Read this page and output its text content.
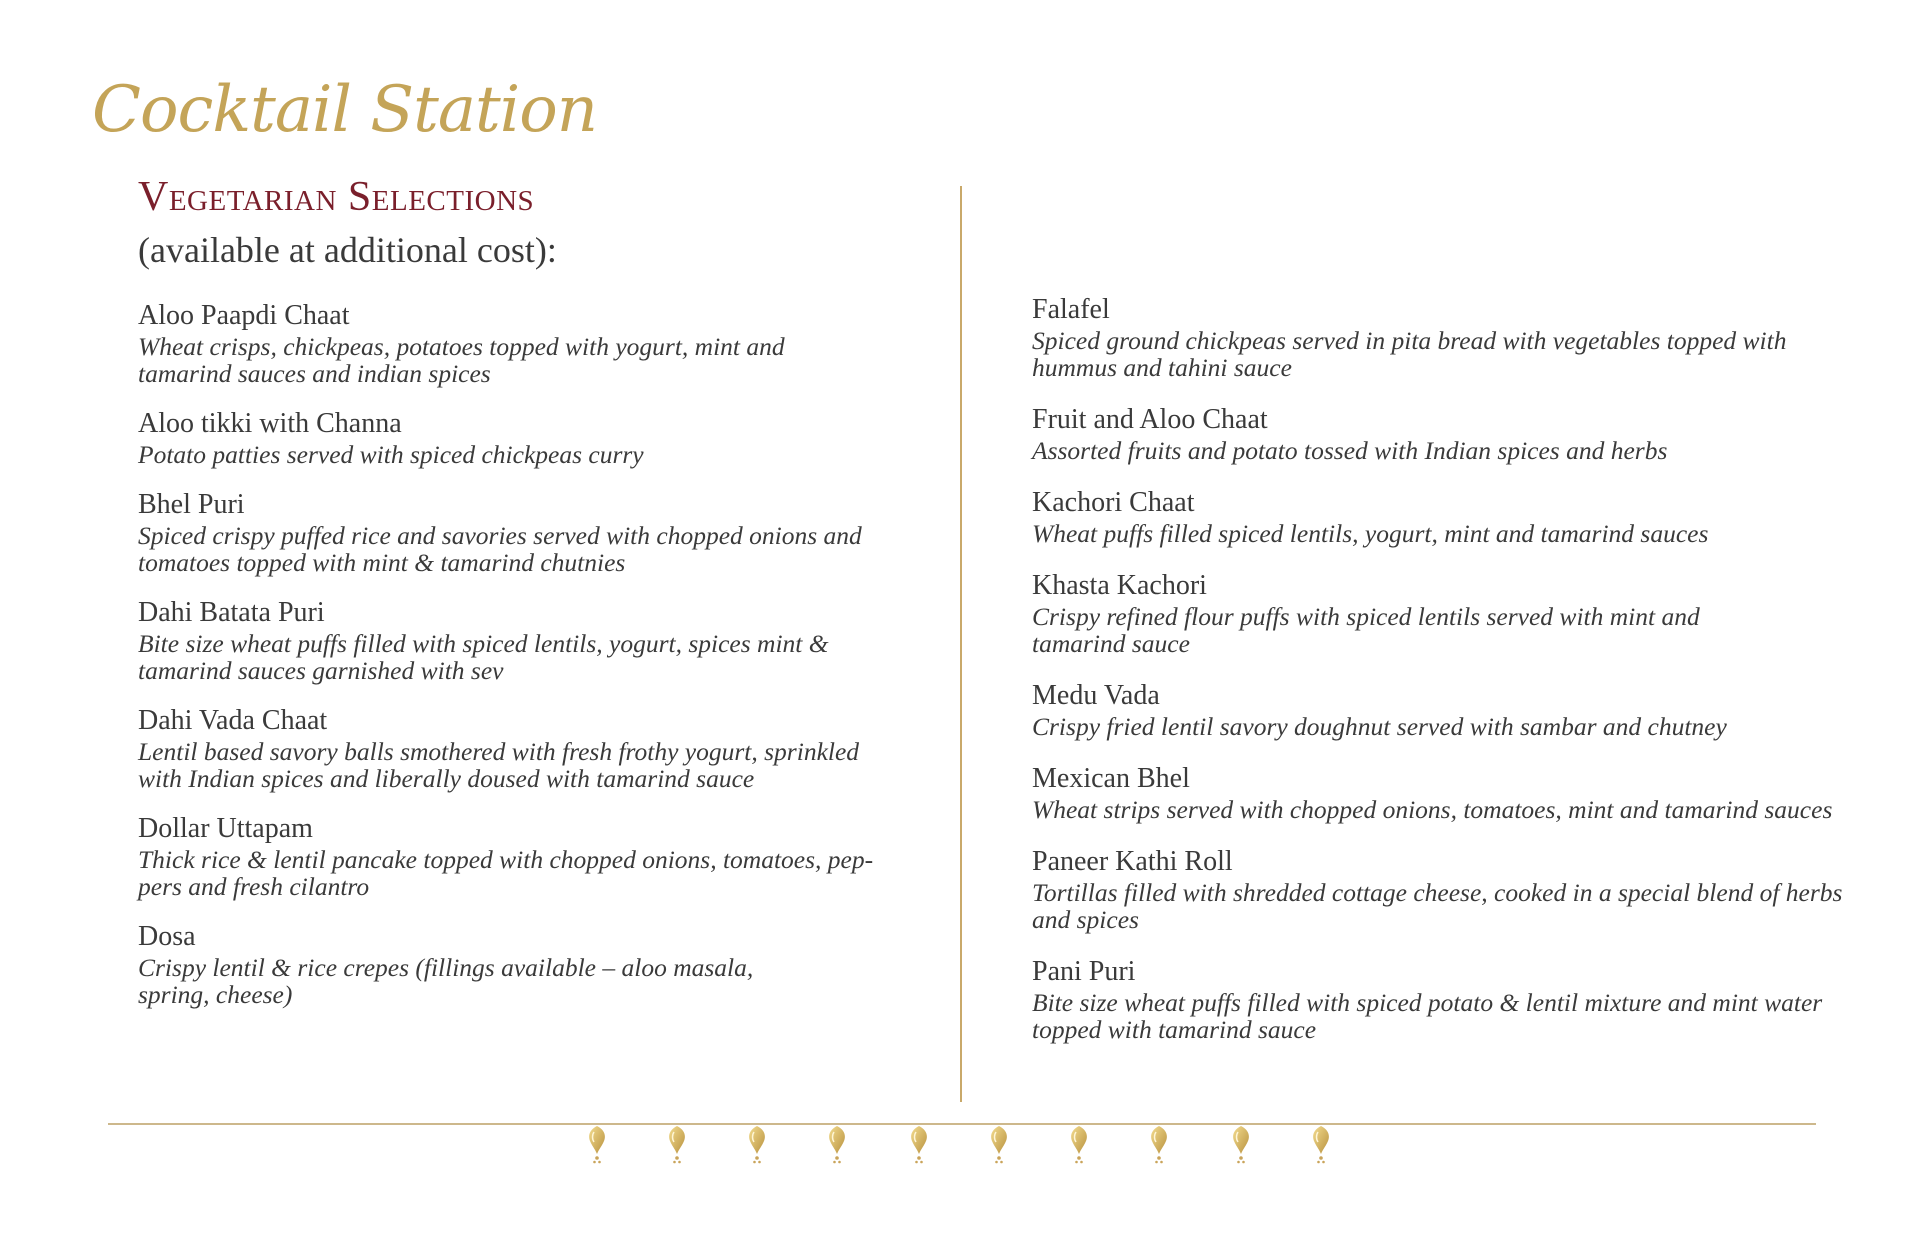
Cocktail Station
Vegetarian Selections
(available at additional cost):
Aloo Paapdi Chaat
Wheat crisps, chickpeas, potatoes topped with yogurt, mint and
tamarind sauces and indian spices
Aloo tikki with Channa
Potato patties served with spiced chickpeas curry
Bhel Puri
Spiced crispy puffed rice and savories served with chopped onions and
tomatoes topped with mint & tamarind chutnies
Dahi Batata Puri
Bite size wheat puffs filled with spiced lentils, yogurt, spices mint &
tamarind sauces garnished with sev
Dahi Vada Chaat
Lentil based savory balls smothered with fresh frothy yogurt, sprinkled
with Indian spices and liberally doused with tamarind sauce
Dollar Uttapam
Thick rice & lentil pancake topped with chopped onions, tomatoes, pep-
pers and fresh cilantro
Dosa
Crispy lentil & rice crepes (fillings available – aloo masala,
spring, cheese)
Falafel
Spiced ground chickpeas served in pita bread with vegetables topped with
hummus and tahini sauce
Fruit and Aloo Chaat
Assorted fruits and potato tossed with Indian spices and herbs
Kachori Chaat
Wheat puffs filled spiced lentils, yogurt, mint and tamarind sauces
Khasta Kachori
Crispy refined flour puffs with spiced lentils served with mint and
tamarind sauce
Medu Vada
Crispy fried lentil savory doughnut served with sambar and chutney
Mexican Bhel
Wheat strips served with chopped onions, tomatoes, mint and tamarind sauces
Paneer Kathi Roll
Tortillas filled with shredded cottage cheese, cooked in a special blend of herbs
and spices
Pani Puri
Bite size wheat puffs filled with spiced potato & lentil mixture and mint water
topped with tamarind sauce
